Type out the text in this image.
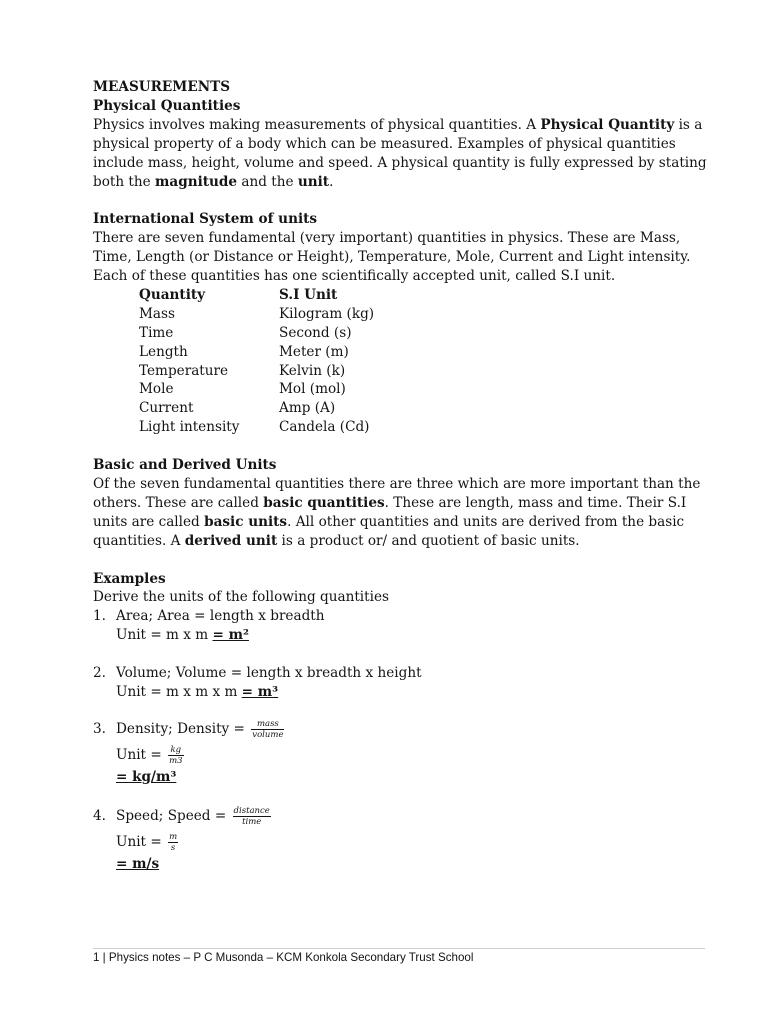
MEASUREMENTS

Physical Quantities

Physics involves making measurements of physical quantities. A Physical Quantity is a physical property of a body which can be measured. Examples of physical quantities include mass, height, volume and speed. A physical quantity is fully expressed by stating both the magnitude and the unit.

International System of units

There are seven fundamental (very important) quantities in physics. These are Mass, Time, Length (or Distance or Height), Temperature, Mole, Current and Light intensity. Each of these quantities has one scientifically accepted unit, called S.I unit.

Quantity	S.I Unit
Mass	Kilogram (kg)
Time	Second (s)
Length	Meter (m)
Temperature	Kelvin (k)
Mole	Mol (mol)
Current	Amp (A)
Light intensity	Candela (Cd)

Basic and Derived Units

Of the seven fundamental quantities there are three which are more important than the others. These are called basic quantities. These are length, mass and time. Their S.I units are called basic units. All other quantities and units are derived from the basic quantities. A derived unit is a product or/ and quotient of basic units.

Examples

Derive the units of the following quantities

1. Area; Area = length x breadth

Unit = m x m = m²

2. Volume; Volume = length x breadth x height

Unit = m x m x m = m³

3. Density; Density = $\frac{\text{mass}}{\text{volume}}$

Unit = $\frac{kg}{m3}$

= kg/m³

4. Speed; Speed = $\frac{\text{distance}}{\text{time}}$

Unit = $\frac{m}{s}$

= m/s

1 | Physics notes – P C Musonda – KCM Konkola Secondary Trust School
